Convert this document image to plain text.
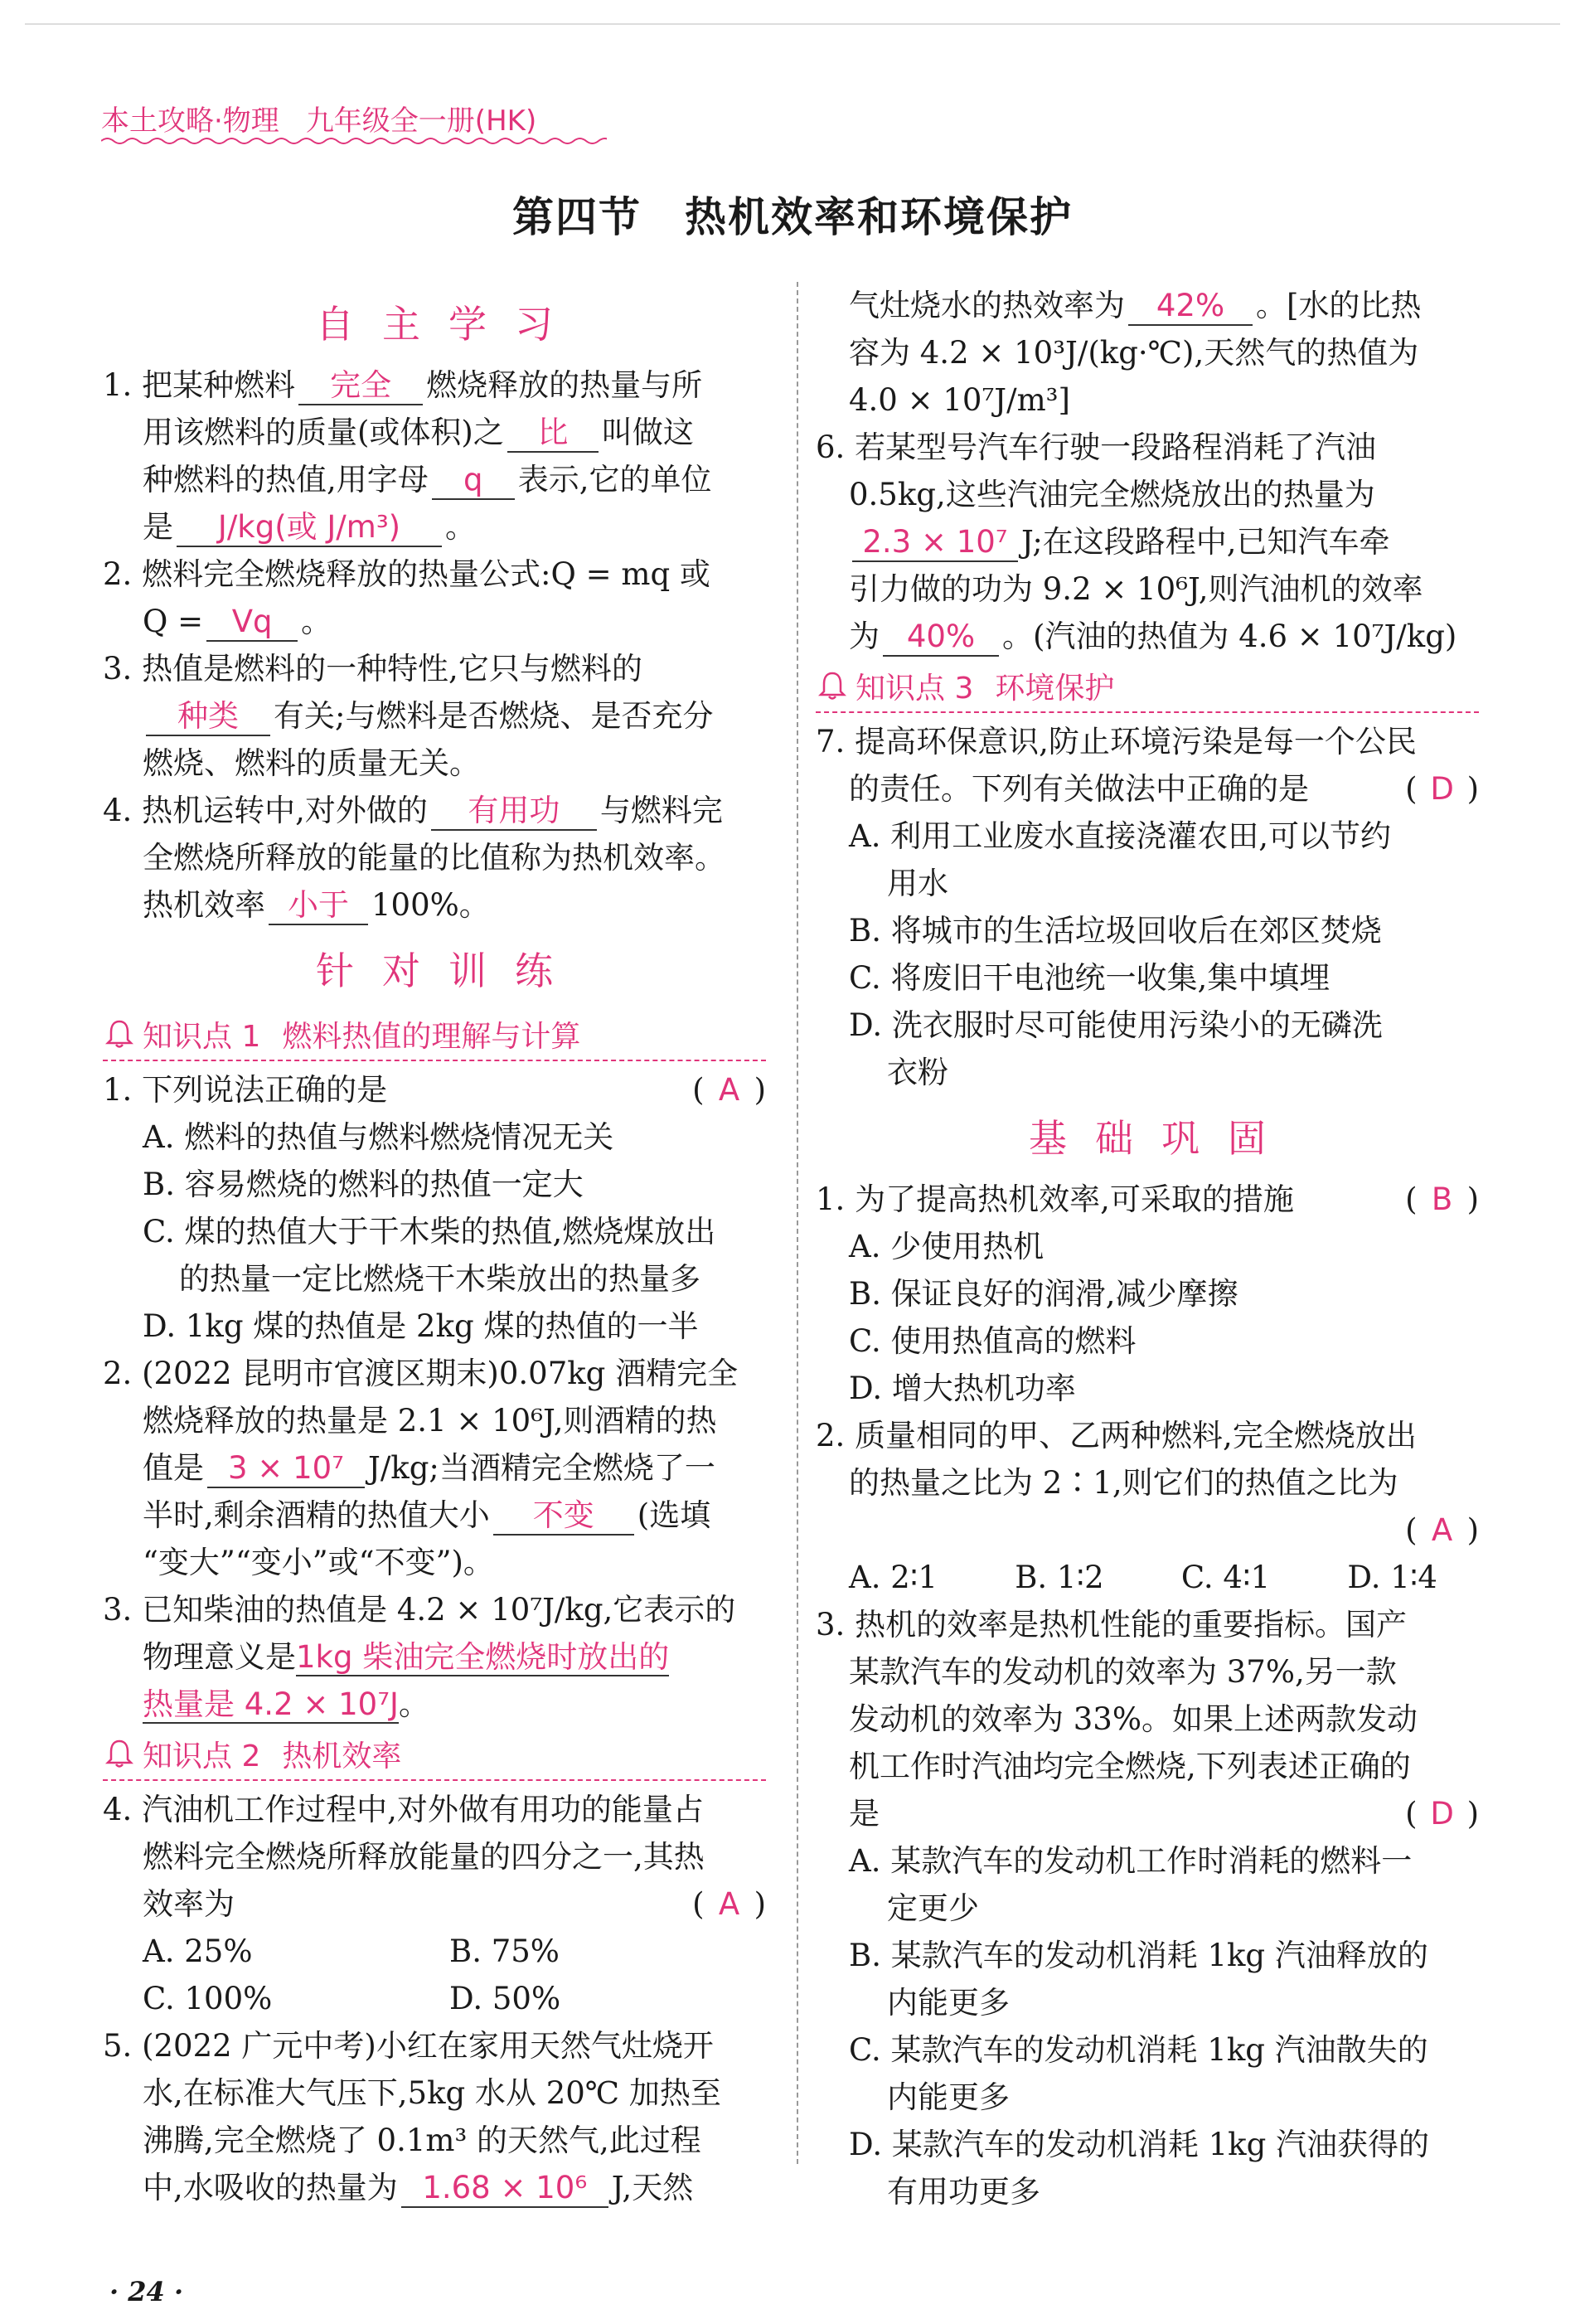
本土攻略·物理 九年级全一册(HK)
第四节　热机效率和环境保护
自主学习
1. 把某种燃料 完全 燃烧释放的热量与所
用该燃料的质量(或体积)之 比 叫做这
种燃料的热值,用字母 q 表示,它的单位
是 J/kg(或 J/m³) 。
2. 燃料完全燃烧释放的热量公式:Q = mq 或
Q = Vq 。
3. 热值是燃料的一种特性,它只与燃料的
种类 有关;与燃料是否燃烧、是否充分
燃烧、燃料的质量无关。
4. 热机运转中,对外做的 有用功 与燃料完
全燃烧所释放的能量的比值称为热机效率。
热机效率 小于 100%。
针对训练
知识点 1 燃料热值的理解与计算
1. 下列说法正确的是	( A )
A. 燃料的热值与燃料燃烧情况无关
B. 容易燃烧的燃料的热值一定大
C. 煤的热值大于干木柴的热值,燃烧煤放出
的热量一定比燃烧干木柴放出的热量多
D. 1kg 煤的热值是 2kg 煤的热值的一半
2. (2022 昆明市官渡区期末)0.07kg 酒精完全
燃烧释放的热量是 2.1 × 10⁶J,则酒精的热
值是 3 × 10⁷ J/kg;当酒精完全燃烧了一
半时,剩余酒精的热值大小 不变 (选填
“变大”“变小”或“不变”)。
3. 已知柴油的热值是 4.2 × 10⁷J/kg,它表示的
物理意义是1kg 柴油完全燃烧时放出的
热量是 4.2 × 10⁷J。
知识点 2 热机效率
4. 汽油机工作过程中,对外做有用功的能量占
燃料完全燃烧所释放能量的四分之一,其热
效率为	( A )
A. 25%	B. 75%
C. 100%	D. 50%
5. (2022 广元中考)小红在家用天然气灶烧开
水,在标准大气压下,5kg 水从 20℃ 加热至
沸腾,完全燃烧了 0.1m³ 的天然气,此过程
中,水吸收的热量为 1.68 × 10⁶ J,天然
气灶烧水的热效率为 42% 。[水的比热
容为 4.2 × 10³J/(kg·℃),天然气的热值为
4.0 × 10⁷J/m³]
6. 若某型号汽车行驶一段路程消耗了汽油
0.5kg,这些汽油完全燃烧放出的热量为
2.3 × 10⁷ J;在这段路程中,已知汽车牵
引力做的功为 9.2 × 10⁶J,则汽油机的效率
为 40% 。(汽油的热值为 4.6 × 10⁷J/kg)
知识点 3 环境保护
7. 提高环保意识,防止环境污染是每一个公民
的责任。下列有关做法中正确的是	( D )
A. 利用工业废水直接浇灌农田,可以节约
用水
B. 将城市的生活垃圾回收后在郊区焚烧
C. 将废旧干电池统一收集,集中填埋
D. 洗衣服时尽可能使用污染小的无磷洗
衣粉
基础巩固
1. 为了提高热机效率,可采取的措施	( B )
A. 少使用热机
B. 保证良好的润滑,减少摩擦
C. 使用热值高的燃料
D. 增大热机功率
2. 质量相同的甲、乙两种燃料,完全燃烧放出
的热量之比为 2∶1,则它们的热值之比为
( A )
A. 2∶1	B. 1∶2	C. 4∶1	D. 1∶4
3. 热机的效率是热机性能的重要指标。国产
某款汽车的发动机的效率为 37%,另一款
发动机的效率为 33%。如果上述两款发动
机工作时汽油均完全燃烧,下列表述正确的
是	( D )
A. 某款汽车的发动机工作时消耗的燃料一
定更少
B. 某款汽车的发动机消耗 1kg 汽油释放的
内能更多
C. 某款汽车的发动机消耗 1kg 汽油散失的
内能更多
D. 某款汽车的发动机消耗 1kg 汽油获得的
有用功更多
· 24 ·
